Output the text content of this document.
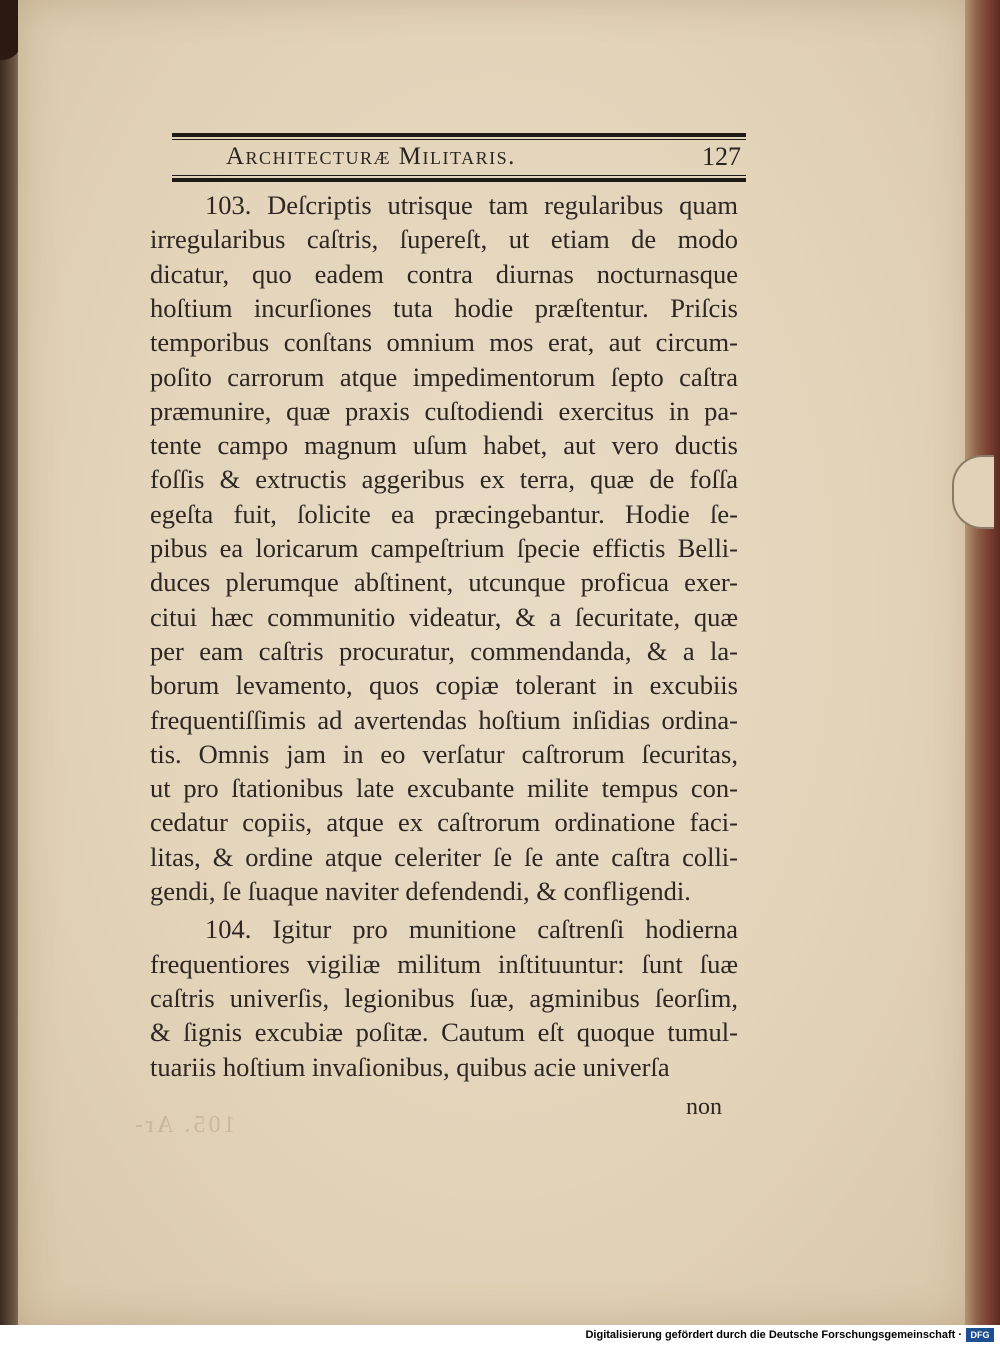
Architecturæ Militaris.	127
103. Deſcriptis utrisque tam regularibus quam
irregularibus caſtris, ſupereſt, ut etiam de modo
dicatur, quo eadem contra diurnas nocturnasque
hoſtium incurſiones tuta hodie præſtentur. Priſcis
temporibus conſtans omnium mos erat, aut circum-
poſito carrorum atque impedimentorum ſepto caſtra
præmunire, quæ praxis cuſtodiendi exercitus in pa-
tente campo magnum uſum habet, aut vero ductis
foſſis & extructis aggeribus ex terra, quæ de foſſa
egeſta fuit, ſolicite ea præcingebantur. Hodie ſe-
pibus ea loricarum campeſtrium ſpecie effictis Belli-
duces plerumque abſtinent, utcunque proficua exer-
citui hæc communitio videatur, & a ſecuritate, quæ
per eam caſtris procuratur, commendanda, & a la-
borum levamento, quos copiæ tolerant in excubiis
frequentiſſimis ad avertendas hoſtium inſidias ordina-
tis. Omnis jam in eo verſatur caſtrorum ſecuritas,
ut pro ſtationibus late excubante milite tempus con-
cedatur copiis, atque ex caſtrorum ordinatione faci-
litas, & ordine atque celeriter ſe ſe ante caſtra colli-
gendi, ſe ſuaque naviter defendendi, & confligendi.
104. Igitur pro munitione caſtrenſi hodierna
frequentiores vigiliæ militum inſtituuntur: ſunt ſuæ
caſtris univerſis, legionibus ſuæ, agminibus ſeorſim,
& ſignis excubiæ poſitæ. Cautum eſt quoque tumul-
tuariis hoſtium invaſionibus, quibus acie univerſa
non
105. Ar-
Digitalisierung gefördert durch die Deutsche Forschungsgemeinschaft · DFG
